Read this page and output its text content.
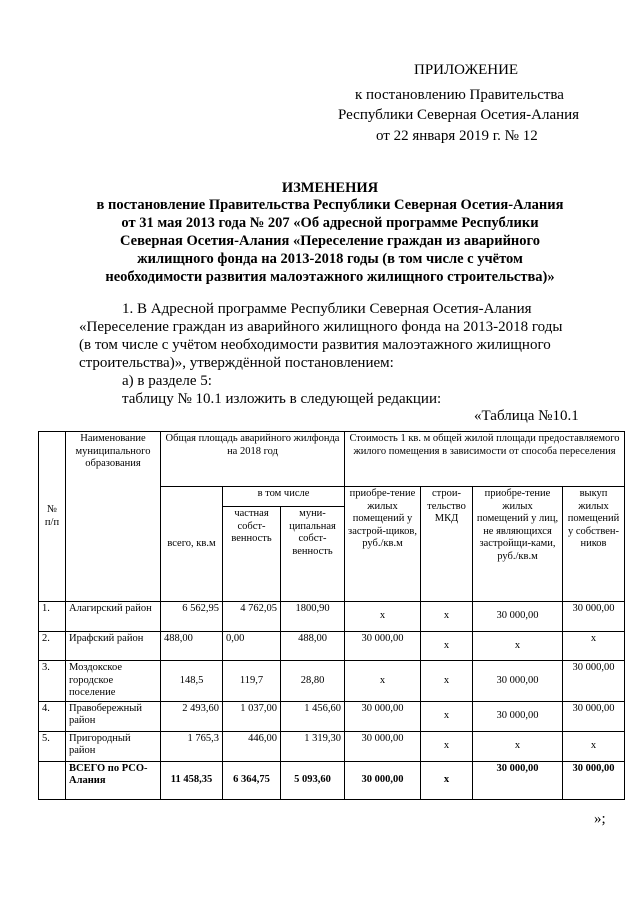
ПРИЛОЖЕНИЕ
к постановлению Правительства
Республики Северная Осетия-Алания
от 22 января 2019 г. № 12
ИЗМЕНЕНИЯ
в постановление Правительства Республики Северная Осетия-Алания
от 31 мая 2013 года № 207 «Об адресной программе Республики
Северная Осетия-Алания «Переселение граждан из аварийного
жилищного фонда на 2013-2018 годы (в том числе с учётом
необходимости развития малоэтажного жилищного строительства)»
1. В Адресной программе Республики Северная Осетия-Алания
«Переселение граждан из аварийного жилищного фонда на 2013-2018 годы
(в том числе с учётом необходимости развития малоэтажного жилищного
строительства)», утверждённой постановлением:
а) в разделе 5:
таблицу № 10.1 изложить в следующей редакции:
«Таблица №10.1
№ п/п	Наименование муниципального образования	Общая площадь аварийного жилфонда на 2018 год			Стоимость 1 кв. м общей жилой площади предоставляемого жилого помещения в зависимости от способа переселения			
		всего, кв.м	в том числе		приобре-тение жилых помещений у застрой-щиков, руб./кв.м	строи-тельство МКД	приобре-тение жилых помещений у лиц, не являющихся застройщи-ками, руб./кв.м	выкуп жилых помещений у собствен-ников
			частная собст-венность	муни-ципальная собст-венность				
1.	Алагирский район	6 562,95	4 762,05	1800,90	х	х	30 000,00	30 000,00
2.	Ирафский район	488,00	0,00	488,00	30 000,00	х	х	х
3.	Моздокское городское поселение	148,5	119,7	28,80	х	х	30 000,00	30 000,00
4.	Правобережный район	2 493,60	1 037,00	1 456,60	30 000,00	х	30 000,00	30 000,00
5.	Пригородный район	1 765,3	446,00	1 319,30	30 000,00	х	х	х
	ВСЕГО по РСО-Алания	11 458,35	6 364,75	5 093,60	30 000,00	х	30 000,00	30 000,00
»;
